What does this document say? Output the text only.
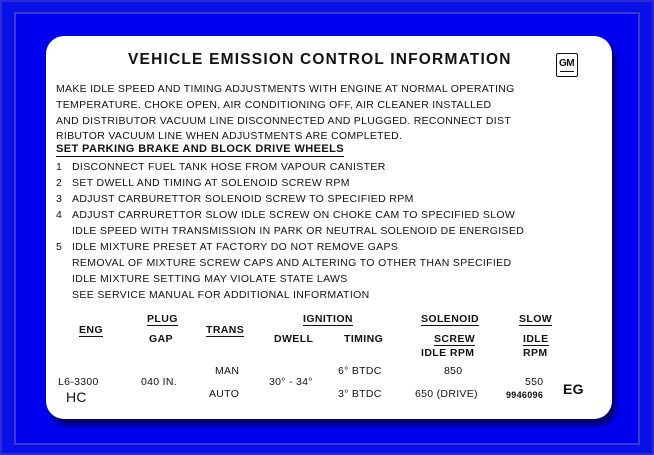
VEHICLE EMISSION CONTROL INFORMATION	GM
MAKE IDLE SPEED AND TIMING ADJUSTMENTS WITH ENGINE AT NORMAL OPERATING
TEMPERATURE. CHOKE OPEN, AIR CONDITIONING OFF, AIR CLEANER INSTALLED
AND DISTRIBUTOR VACUUM LINE DISCONNECTED AND PLUGGED. RECONNECT DIST
RIBUTOR VACUUM LINE WHEN ADJUSTMENTS ARE COMPLETED.
SET PARKING BRAKE AND BLOCK DRIVE WHEELS
1 DISCONNECT FUEL TANK HOSE FROM VAPOUR CANISTER
2 SET DWELL AND TIMING AT SOLENOID SCREW RPM
3 ADJUST CARBURETTOR SOLENOID SCREW TO SPECIFIED RPM
4 ADJUST CARRURETTOR SLOW IDLE SCREW ON CHOKE CAM TO SPECIFIED SLOW
IDLE SPEED WITH TRANSMISSION IN PARK OR NEUTRAL SOLENOID DE ENERGISED
5 IDLE MIXTURE PRESET AT FACTORY DO NOT REMOVE GAPS
REMOVAL OF MIXTURE SCREW CAPS AND ALTERING TO OTHER THAN SPECIFIED
IDLE MIXTURE SETTING MAY VIOLATE STATE LAWS
SEE SERVICE MANUAL FOR ADDITIONAL INFORMATION
ENG
PLUG
GAP
TRANS
IGNITION
DWELL	TIMING
SOLENOID
SCREW
IDLE RPM
SLOW
IDLE
RPM
L6-3300
HC
040 IN.
MAN
AUTO
30° - 34°
6° BTDC
3° BTDC
850
650 (DRIVE)
550
9946096 EG
